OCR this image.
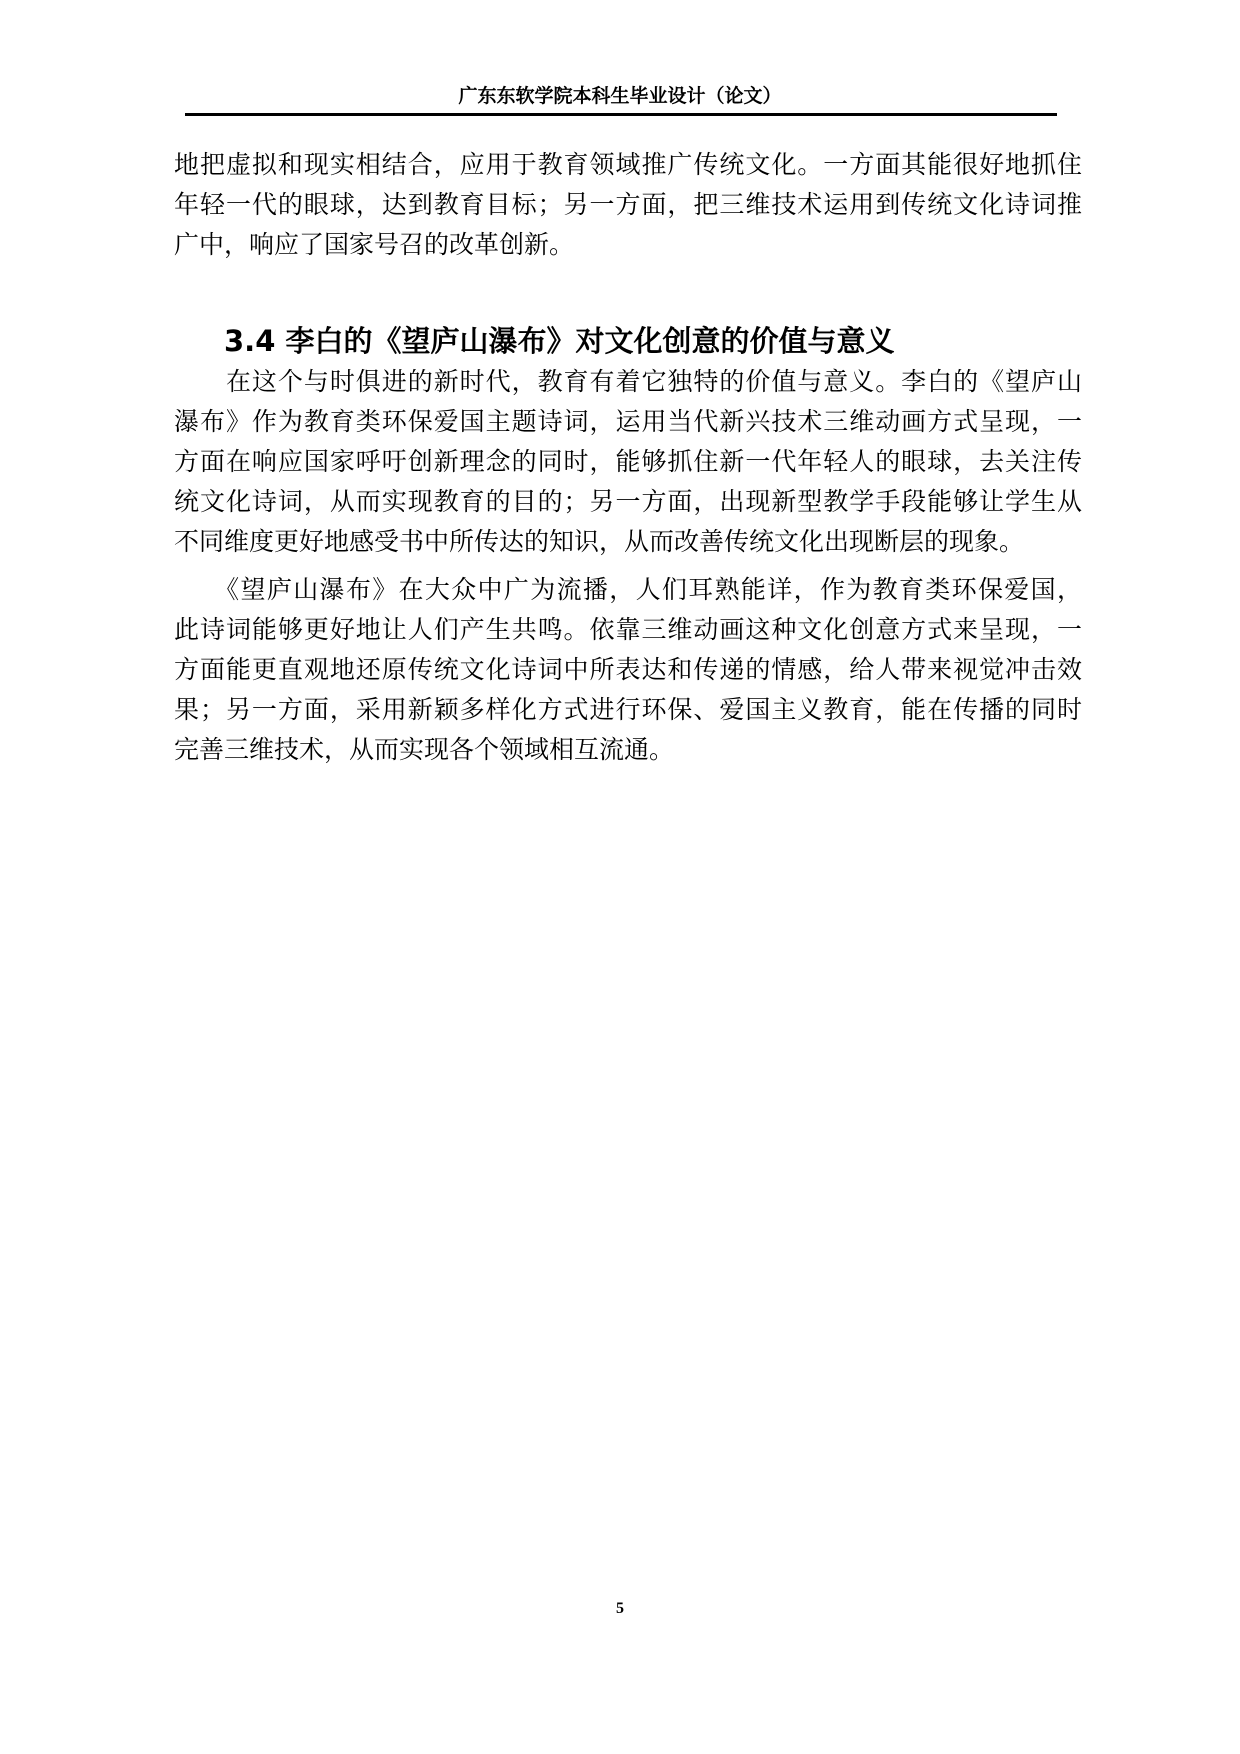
广东东软学院本科生毕业设计（论文）
地把虚拟和现实相结合，应用于教育领域推广传统文化。一方面其能很好地抓住
年轻一代的眼球，达到教育目标；另一方面，把三维技术运用到传统文化诗词推
广中，响应了国家号召的改革创新。
3.4 李白的《望庐山瀑布》对文化创意的价值与意义
　　在这个与时俱进的新时代，教育有着它独特的价值与意义。李白的《望庐山
瀑布》作为教育类环保爱国主题诗词，运用当代新兴技术三维动画方式呈现，一
方面在响应国家呼吁创新理念的同时，能够抓住新一代年轻人的眼球，去关注传
统文化诗词，从而实现教育的目的；另一方面，出现新型教学手段能够让学生从
不同维度更好地感受书中所传达的知识，从而改善传统文化出现断层的现象。
　　《望庐山瀑布》在大众中广为流播，人们耳熟能详，作为教育类环保爱国，
此诗词能够更好地让人们产生共鸣。依靠三维动画这种文化创意方式来呈现，一
方面能更直观地还原传统文化诗词中所表达和传递的情感，给人带来视觉冲击效
果；另一方面，采用新颖多样化方式进行环保、爱国主义教育，能在传播的同时
完善三维技术，从而实现各个领域相互流通。
5
